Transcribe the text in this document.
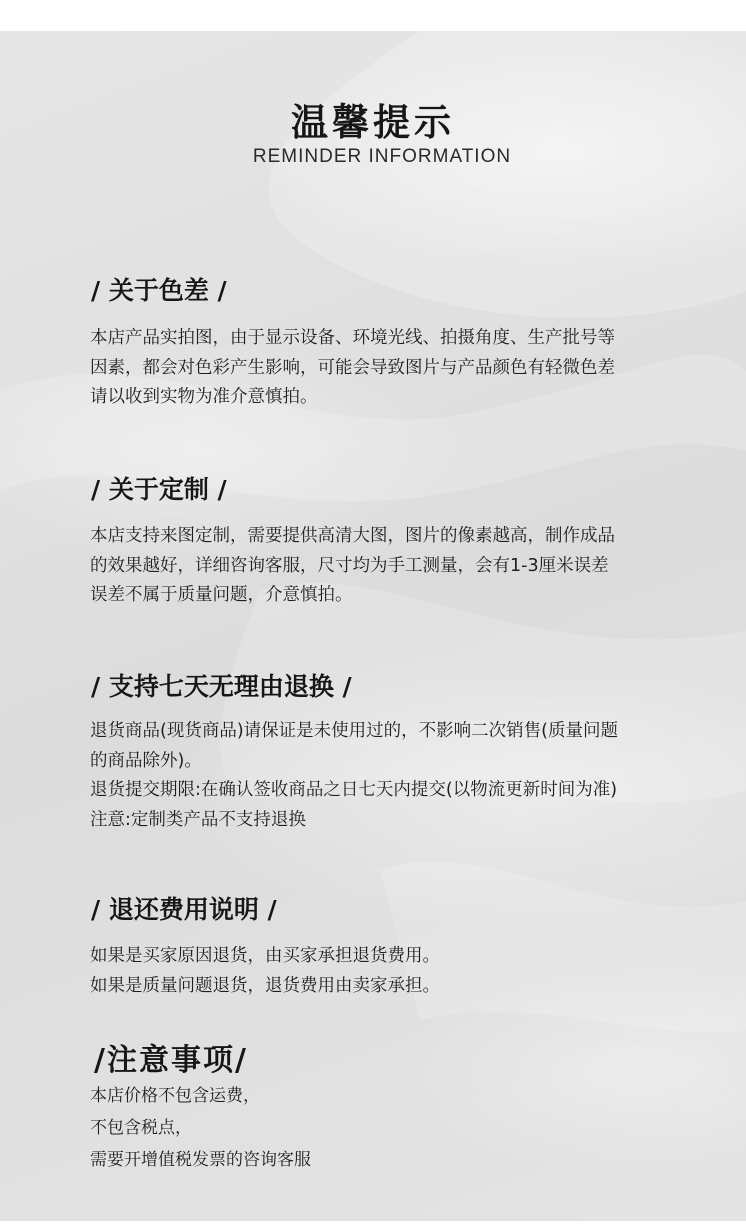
温馨提示

REMINDER INFORMATION

/ 关于色差 /
本店产品实拍图，由于显示设备、环境光线、拍摄角度、生产批号等
因素，都会对色彩产生影响，可能会导致图片与产品颜色有轻微色差
请以收到实物为准介意慎拍。
/ 关于定制 /
本店支持来图定制，需要提供高清大图，图片的像素越高，制作成品
的效果越好，详细咨询客服，尺寸均为手工测量，会有1-3厘米误差
误差不属于质量问题，介意慎拍。
/ 支持七天无理由退换 /
退货商品(现货商品)请保证是未使用过的，不影响二次销售(质量问题
的商品除外)。
退货提交期限:在确认签收商品之日七天内提交(以物流更新时间为准)
注意:定制类产品不支持退换
/ 退还费用说明 /
如果是买家原因退货，由买家承担退货费用。
如果是质量问题退货，退货费用由卖家承担。
/注意事项/
本店价格不包含运费，
不包含税点，
需要开增值税发票的咨询客服
